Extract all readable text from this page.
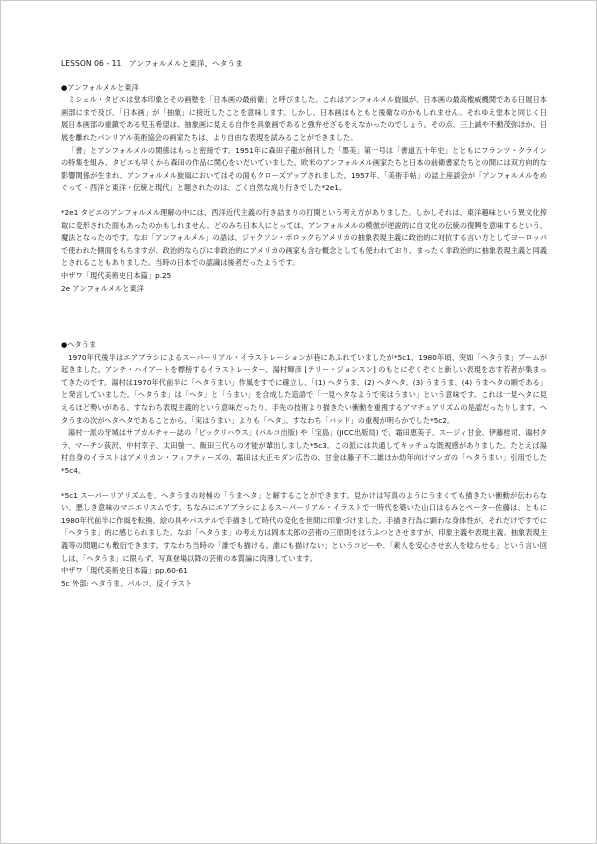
LESSON 06 - 11　アンフォルメルと東洋、ヘタうま

●アンフォルメルと東洋

ミシェル・タピエは堂本印象とその画塾を「日本画の最前衛」と呼びました。これはアンフォルメル旋風が、日本画の最高権威機関である日展日本画部にまで及び、「日本画」が「抽象」に接近したことを意味します。しかし、日本画はもともと後衛なのかもしれません。それゆえ堂本と同じく日展日本画部の重鎮である児玉希望は、抽象画に見える自作を具象画であると強弁せざるをえなかったのでしょう。その点、三上誠や不動茂弥ほか、日展を離れたパンリアル美術協会の画家たちは、より自由な表現を試みることができました。

「書」とアンフォルメルの関係はもっと密接です。1951年に森田子龍が創刊した「墨美」第一号は「書道五十年史」とともにフランツ・クラインの特集を組み、タピエも早くから森田の作品に関心をいだいていました。欧米のアンフォルメル画家たちと日本の前衛書家たちとの間には双方向的な影響関係が生まれ、アンフォルメル旋風においてはその面もクローズアップされました。1957年、「美術手帖」の誌上座談会が「アンフォルメルをめぐって - 西洋と東洋・伝統と現代」と題されたのは、ごく自然な成り行きでした*2e1。

*2e1 タピエのアンフォルメル理解の中には、西洋近代主義の行き詰まりの打開という考え方がありました。しかしそれは、東洋趣味という異文化搾取に変形された面もあったのかもしれません。どのみち日本人にとっては、アンフォルメルの模倣が逆説的に自文化の伝統の復興を意味するという、魔法となったのです。なお「アンフォルメル」の語は、ジャクソン・ポロックらアメリカの抽象表現主義に政治的に対抗する言い方としてヨーロッパで使われた側面をもちますが、政治的ならびに非政治的にアメリカの画家も含む概念としても使われており、まったく非政治的に抽象表現主義と同義とされることもありました。当時の日本での認識は後者だったようです。

中ザワ「現代美術史日本篇」p.25

2e アンフォルメルと東洋

●ヘタうま

1970年代後半はエアブラシによるスーパーリアル・イラストレーションが巷にあふれていましたが*5c1、1980年頃、突如「ヘタうま」ブームが起きました。アンチ・ハイアートを標榜するイラストレーター、湯村輝彦 [テリー・ジョンスン] のもとにぞくぞくと新しい表現を志す若者が集まってきたのです。湯村は1970年代前半に「ヘタうまい」作風をすでに確立し、「(1) ヘタうま、(2) ヘタヘタ、(3) うまうま、(4) うまヘタの順である」と発言していました。「ヘタうま」は「ヘタ」と「うまい」を合成した造語で「一見ヘタなようで実はうまい」という意味です。これは一見ヘタに見えるほど勢いがある、すなわち表現主義的という意味だったり、手先の技術より描きたい衝動を重視するアマチュアリズムの是認だったりします。ヘタうまの次がヘタヘタであることから、「実はうまい」よりも「ヘタ」、すなわち「バッド」の重視が明らかでした*5c2。

湯村一派の牙城はサブカルチャー誌の「ビックリハウス」(パルコ出版) や「宝島」(JICC出版局) で、霜田恵美子、スージィ甘金、伊藤桂司、湯村タラ、マーチン荻沢、中村幸子、太田螢一、飯田三代らの才能が輩出しました*5c3。この派には共通してキッチュな既視感がありました。たとえば湯村自身のイラストはアメリカン・フィフティーズの、霜田は大正モダン広告の、甘金は藤子不二雄ほか幼年向けマンガの「ヘタうまい」引用でした*5c4。

*5c1 スーパーリアリズムを、ヘタうまの対極の「うまヘタ」と解することができます。見かけは写真のようにうまくても描きたい衝動が伝わらない、悪しき意味のマニエリスムです。ちなみにエアブラシによるスーパーリアル・イラストで一時代を築いた山口はるみとペーター佐藤は、ともに1980年代前半に作風を転換、絵の具やパステルで手描きして時代の変化を世間に印象づけました。手描き行為に顕わな身体性が、それだけですでに「ヘタうま」的に感じられました。なお「ヘタうま」の考え方は岡本太郎の芸術の三原則をほうふつとさせますが、印象主義や表現主義、抽象表現主義等の問題にも敷衍できます。すなわち当時の「誰でも描ける。誰にも描けない」というコピーや、「素人を安心させ玄人を唸らせる」という言い回しは、「ヘタうま」に限らず、写真登場以降の芸術の本質論に肉薄しています。

中ザワ「現代美術史日本篇」pp.60-61

5c 外部: ヘタうま、パルコ、反イラスト
